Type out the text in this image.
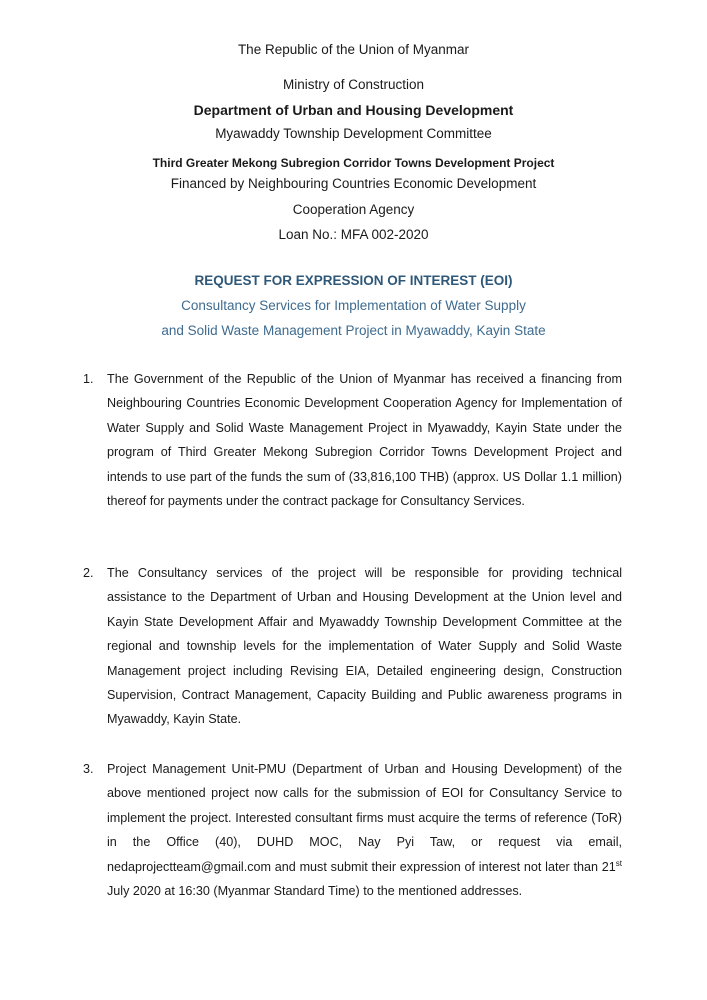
The Republic of the Union of Myanmar
Ministry of Construction
Department of Urban and Housing Development
Myawaddy Township Development Committee
Third Greater Mekong Subregion Corridor Towns Development Project
Financed by Neighbouring Countries Economic Development
Cooperation Agency
Loan No.: MFA 002-2020
REQUEST FOR EXPRESSION OF INTEREST (EOI)
Consultancy Services for Implementation of Water Supply
and Solid Waste Management Project in Myawaddy, Kayin State
1. The Government of the Republic of the Union of Myanmar has received a financing from Neighbouring Countries Economic Development Cooperation Agency for Implementation of Water Supply and Solid Waste Management Project in Myawaddy, Kayin State under the program of Third Greater Mekong Subregion Corridor Towns Development Project and intends to use part of the funds the sum of (33,816,100 THB) (approx. US Dollar 1.1 million) thereof for payments under the contract package for Consultancy Services.
2. The Consultancy services of the project will be responsible for providing technical assistance to the Department of Urban and Housing Development at the Union level and Kayin State Development Affair and Myawaddy Township Development Committee at the regional and township levels for the implementation of Water Supply and Solid Waste Management project including Revising EIA, Detailed engineering design, Construction Supervision, Contract Management, Capacity Building and Public awareness programs in Myawaddy, Kayin State.
3. Project Management Unit-PMU (Department of Urban and Housing Development) of the above mentioned project now calls for the submission of EOI for Consultancy Service to implement the project. Interested consultant firms must acquire the terms of reference (ToR) in the Office (40), DUHD MOC, Nay Pyi Taw, or request via email, nedaprojectteam@gmail.com and must submit their expression of interest not later than 21st July 2020 at 16:30 (Myanmar Standard Time) to the mentioned addresses.
